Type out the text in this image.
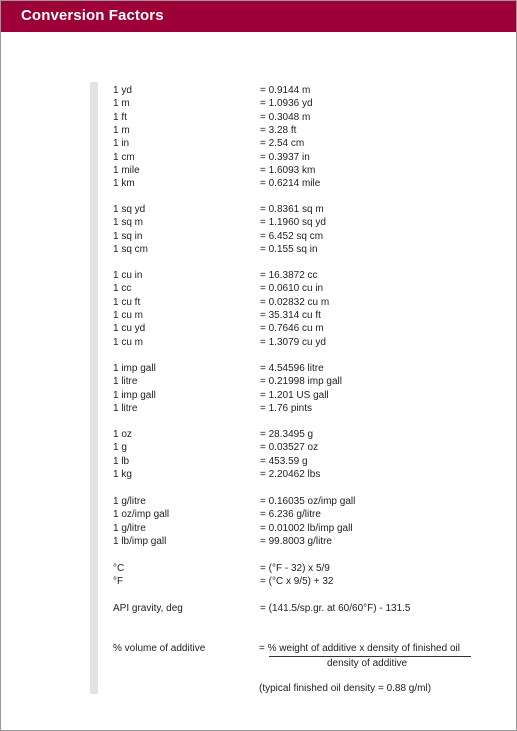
Conversion Factors
1 yd	= 0.9144 m
1 m	= 1.0936 yd
1 ft	= 0.3048 m
1 m	= 3.28 ft
1 in	= 2.54 cm
1 cm	= 0.3937 in
1 mile	= 1.6093 km
1 km	= 0.6214 mile
1 sq yd	= 0.8361 sq m
1 sq m	= 1.1960 sq yd
1 sq in	= 6.452 sq cm
1 sq cm	= 0.155 sq in
1 cu in	= 16.3872 cc
1 cc	= 0.0610 cu in
1 cu ft	= 0.02832 cu m
1 cu m	= 35.314 cu ft
1 cu yd	= 0.7646 cu m
1 cu m	= 1.3079 cu yd
1 imp gall	= 4.54596 litre
1 litre	= 0.21998 imp gall
1 imp gall	= 1.201 US gall
1 litre	= 1.76 pints
1 oz	= 28.3495 g
1 g	= 0.03527 oz
1 lb	= 453.59 g
1 kg	= 2.20462 lbs
1 g/litre	= 0.16035 oz/imp gall
1 oz/imp gall	= 6.236 g/litre
1 g/litre	= 0.01002 lb/imp gall
1 lb/imp gall	= 99.8003 g/litre
°C	= (°F - 32) x 5/9
°F	= (°C x 9/5) + 32
API gravity, deg	= (141.5/sp.gr. at 60/60°F) - 131.5
% volume of additive	= % weight of additive x density of finished oil
density of additive
(typical finished oil density = 0.88 g/ml)
